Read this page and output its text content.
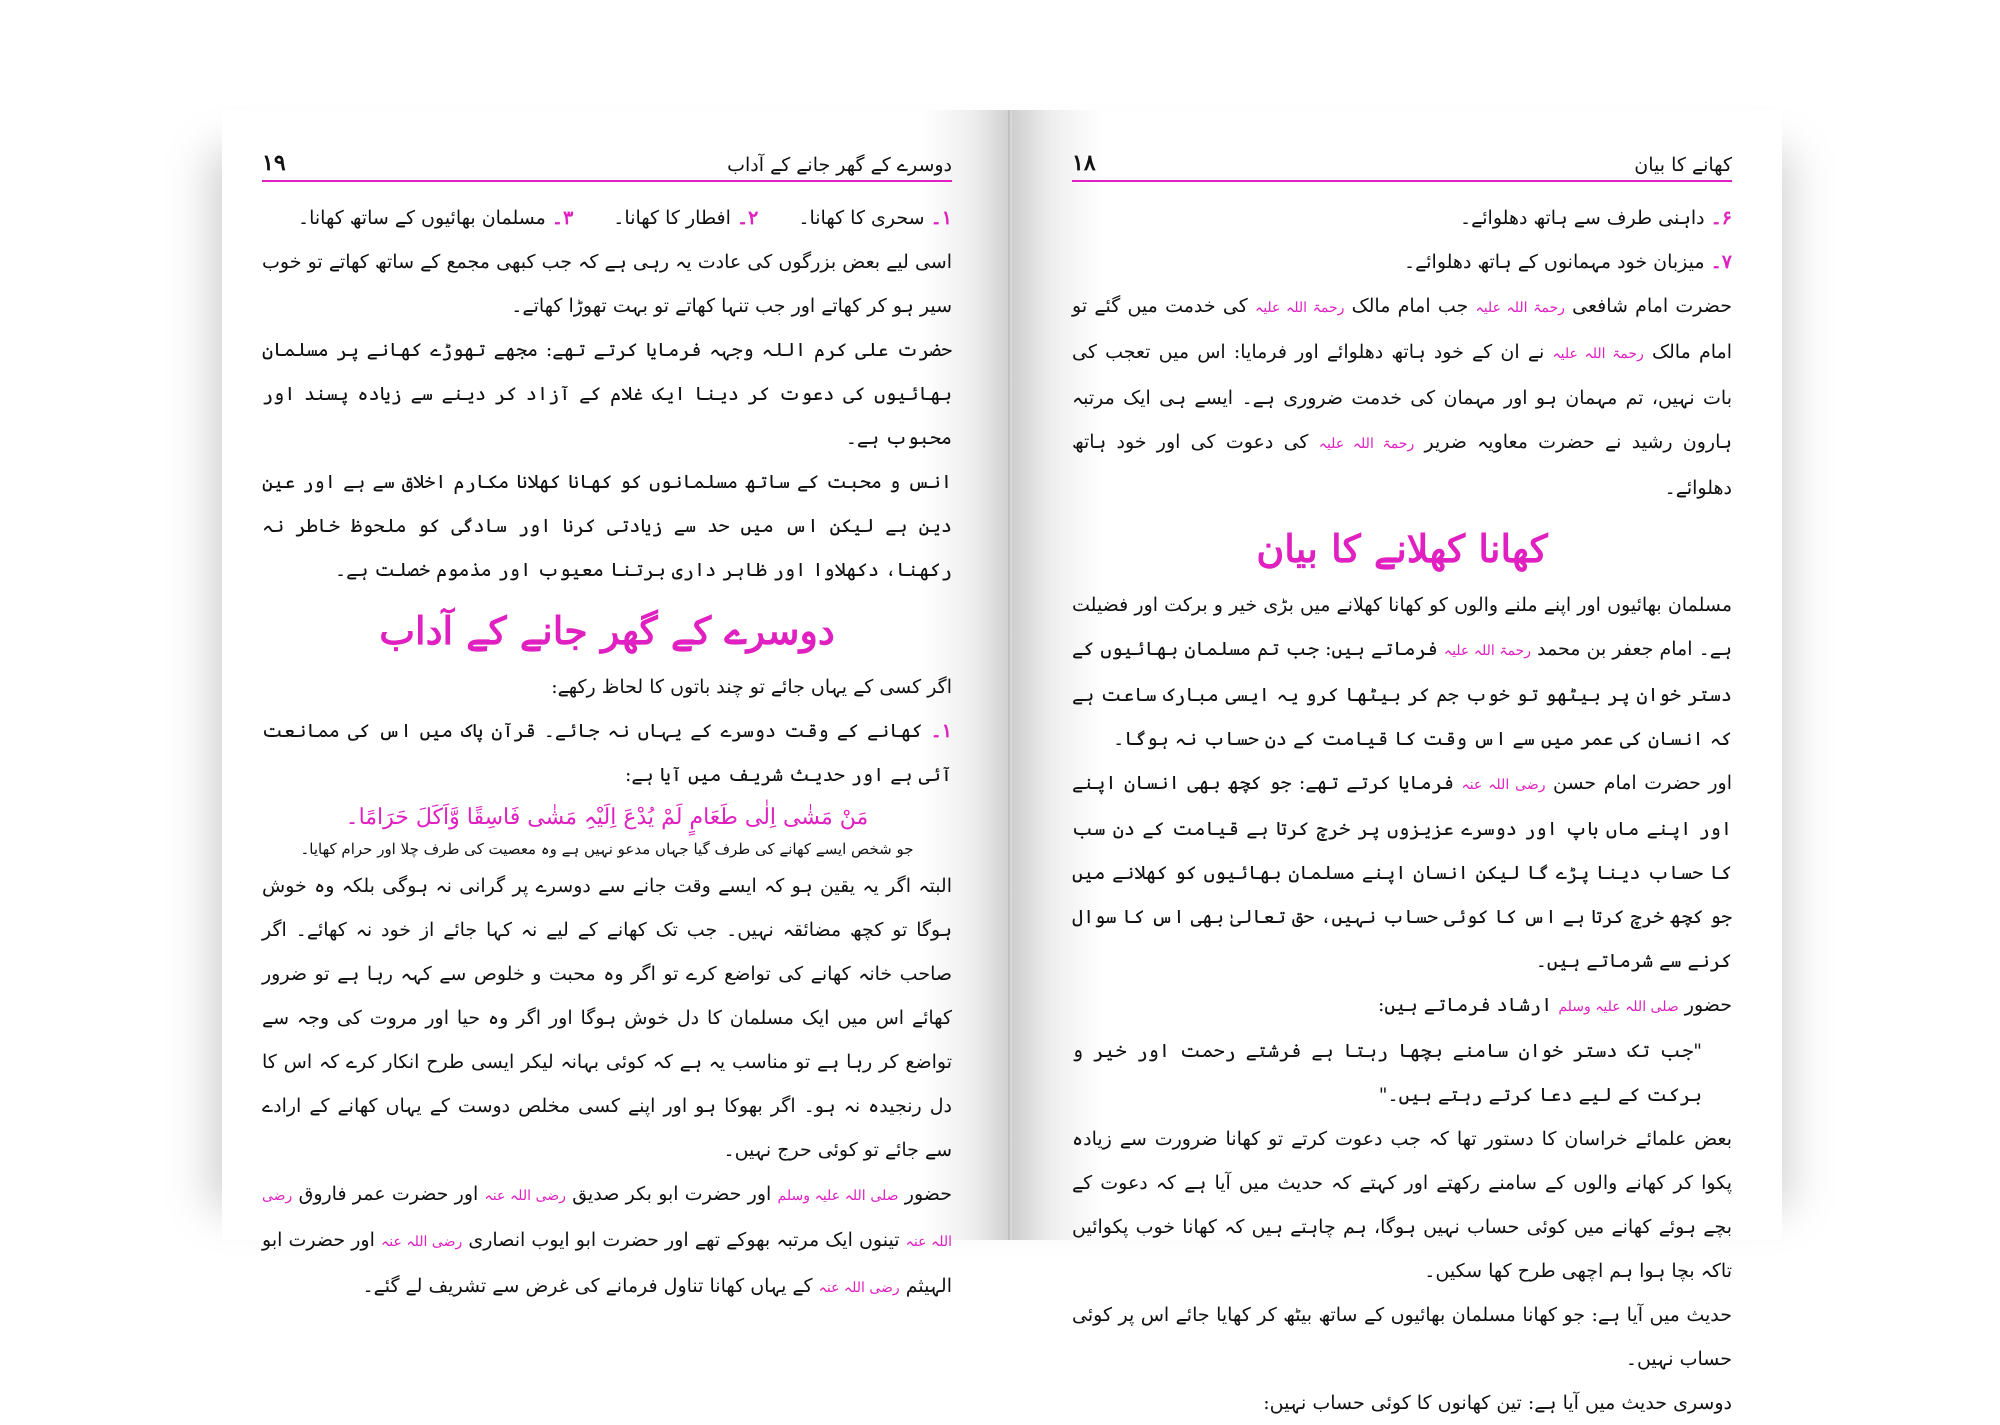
دوسرے کے گھر جانے کے آداب
۱۹

۱۔ سحری کا کھانا۔
۲۔ افطار کا کھانا۔
۳۔ مسلمان بھائیوں کے ساتھ کھانا۔

اسی لیے بعض بزرگوں کی عادت یہ رہی ہے کہ جب کبھی مجمع کے ساتھ کھاتے تو خوب سیر ہو کر کھاتے اور جب تنہا کھاتے تو بہت تھوڑا کھاتے۔

حضرت علی کرم اللہ وجہہ فرمایا کرتے تھے: مجھے تھوڑے کھانے پر مسلمان بھائیوں کی دعوت کر دینا ایک غلام کے آزاد کر دینے سے زیادہ پسند اور محبوب ہے۔

انس و محبت کے ساتھ مسلمانوں کو کھانا کھلانا مکارم اخلاق سے ہے اور عین دین ہے لیکن اس میں حد سے زیادتی کرنا اور سادگی کو ملحوظ خاطر نہ رکھنا، دکھلاوا اور ظاہر داری برتنا معیوب اور مذموم خصلت ہے۔

دوسرے کے گھر جانے کے آداب

اگر کسی کے یہاں جائے تو چند باتوں کا لحاظ رکھے:

۱۔ کھانے کے وقت دوسرے کے یہاں نہ جائے۔ قرآن پاک میں اس کی ممانعت آئی ہے اور حدیث شریف میں آیا ہے:

مَنْ مَشٰی اِلٰی طَعَامٍ لَمْ یُدْعَ اِلَیْہِ مَشٰی فَاسِقًا وَّاَکَلَ حَرَامًا۔

جو شخص ایسے کھانے کی طرف گیا جہاں مدعو نہیں ہے وہ معصیت کی طرف چلا اور حرام کھایا۔

البتہ اگر یہ یقین ہو کہ ایسے وقت جانے سے دوسرے پر گرانی نہ ہوگی بلکہ وہ خوش ہوگا تو کچھ مضائقہ نہیں۔ جب تک کھانے کے لیے نہ کہا جائے از خود نہ کھائے۔ اگر صاحب خانہ کھانے کی تواضع کرے تو اگر وہ محبت و خلوص سے کہہ رہا ہے تو ضرور کھائے اس میں ایک مسلمان کا دل خوش ہوگا اور اگر وہ حیا اور مروت کی وجہ سے تواضع کر رہا ہے تو مناسب یہ ہے کہ کوئی بہانہ لیکر ایسی طرح انکار کرے کہ اس کا دل رنجیدہ نہ ہو۔ اگر بھوکا ہو اور اپنے کسی مخلص دوست کے یہاں کھانے کے ارادے سے جائے تو کوئی حرج نہیں۔

حضور صلی اللہ علیہ وسلم اور حضرت ابو بکر صدیق رضی اللہ عنہ اور حضرت عمر فاروق رضی اللہ عنہ تینوں ایک مرتبہ بھوکے تھے اور حضرت ابو ایوب انصاری رضی اللہ عنہ اور حضرت ابو الہیثم رضی اللہ عنہ کے یہاں کھانا تناول فرمانے کی غرض سے تشریف لے گئے۔

کھانے کا بیان
۱۸

۶۔ داہنی طرف سے ہاتھ دھلوائے۔

۷۔ میزبان خود مہمانوں کے ہاتھ دھلوائے۔

حضرت امام شافعی رحمۃ اللہ علیہ جب امام مالک رحمۃ اللہ علیہ کی خدمت میں گئے تو امام مالک رحمۃ اللہ علیہ نے ان کے خود ہاتھ دھلوائے اور فرمایا: اس میں تعجب کی بات نہیں، تم مہمان ہو اور مہمان کی خدمت ضروری ہے۔ ایسے ہی ایک مرتبہ ہارون رشید نے حضرت معاویہ ضریر رحمۃ اللہ علیہ کی دعوت کی اور خود ہاتھ دھلوائے۔

کھانا کھلانے کا بیان

مسلمان بھائیوں اور اپنے ملنے والوں کو کھانا کھلانے میں بڑی خیر و برکت اور فضیلت ہے۔ امام جعفر بن محمد رحمۃ اللہ علیہ فرماتے ہیں: جب تم مسلمان بھائیوں کے دستر خوان پر بیٹھو تو خوب جم کر بیٹھا کرو یہ ایسی مبارک ساعت ہے کہ انسان کی عمر میں سے اس وقت کا قیامت کے دن حساب نہ ہوگا۔

اور حضرت امام حسن رضی اللہ عنہ فرمایا کرتے تھے: جو کچھ بھی انسان اپنے اور اپنے ماں باپ اور دوسرے عزیزوں پر خرچ کرتا ہے قیامت کے دن سب کا حساب دینا پڑے گا لیکن انسان اپنے مسلمان بھائیوں کو کھلانے میں جو کچھ خرچ کرتا ہے اس کا کوئی حساب نہیں، حق تعالیٰ بھی اس کا سوال کرنے سے شرماتے ہیں۔

حضور صلی اللہ علیہ وسلم ارشاد فرماتے ہیں:

"جب تک دستر خوان سامنے بچھا رہتا ہے فرشتے رحمت اور خیر و برکت کے لیے دعا کرتے رہتے ہیں۔"

بعض علمائے خراسان کا دستور تھا کہ جب دعوت کرتے تو کھانا ضرورت سے زیادہ پکوا کر کھانے والوں کے سامنے رکھتے اور کہتے کہ حدیث میں آیا ہے کہ دعوت کے بچے ہوئے کھانے میں کوئی حساب نہیں ہوگا، ہم چاہتے ہیں کہ کھانا خوب پکوائیں تاکہ بچا ہوا ہم اچھی طرح کھا سکیں۔

حدیث میں آیا ہے: جو کھانا مسلمان بھائیوں کے ساتھ بیٹھ کر کھایا جائے اس پر کوئی حساب نہیں۔

دوسری حدیث میں آیا ہے: تین کھانوں کا کوئی حساب نہیں:
